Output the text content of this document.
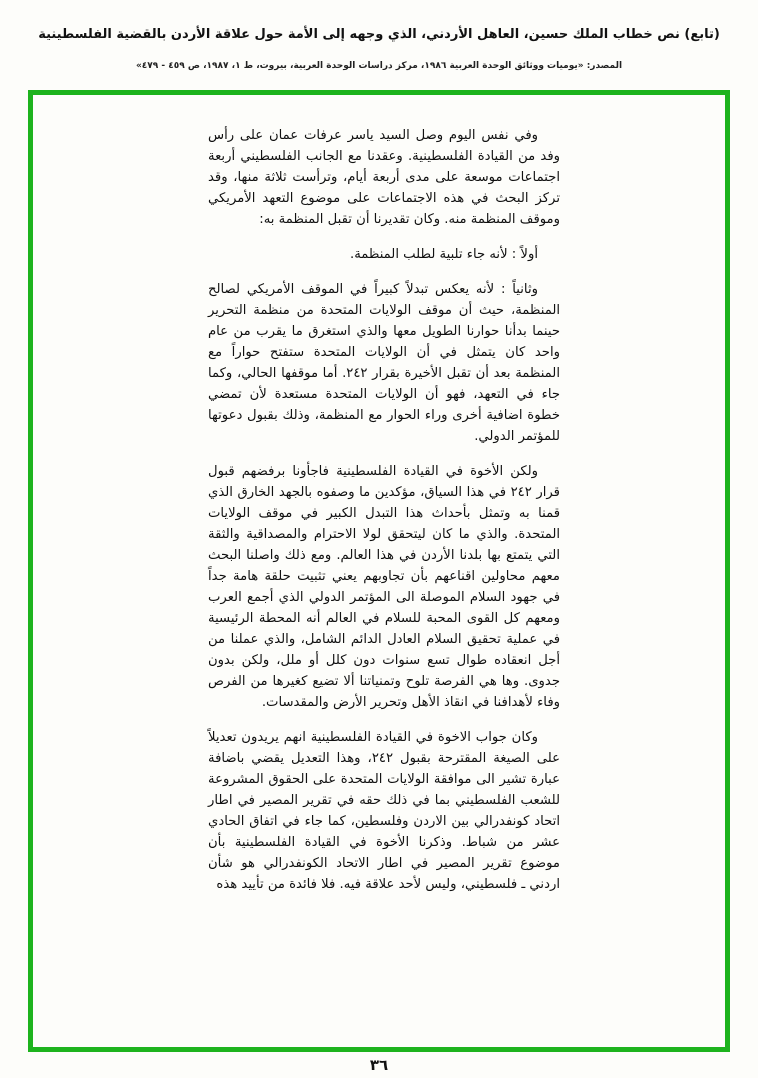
(تابع) نص خطاب الملك حسين، العاهل الأردني، الذي وجهه إلى الأمة حول علاقة الأردن بالقضية الفلسطينية
المصدر: «يوميات ووثائق الوحدة العربية ١٩٨٦، مركز دراسات الوحدة العربية، بيروت، ط ١، ١٩٨٧، ص ٤٥٩ - ٤٧٩»

وفي نفس اليوم وصل السيد ياسر عرفات عمان على رأس وفد من القيادة الفلسطينية. وعقدنا مع الجانب الفلسطيني أربعة اجتماعات موسعة على مدى أربعة أيام، وترأست ثلاثة منها، وقد تركز البحث في هذه الاجتماعات على موضوع التعهد الأمريكي وموقف المنظمة منه. وكان تقديرنا أن تقبل المنظمة به:

أولاً : لأنه جاء تلبية لطلب المنظمة.

وثانياً : لأنه يعكس تبدلاً كبيراً في الموقف الأمريكي لصالح المنظمة، حيث أن موقف الولايات المتحدة من منظمة التحرير حينما بدأنا حوارنا الطويل معها والذي استغرق ما يقرب من عام واحد كان يتمثل في أن الولايات المتحدة ستفتح حواراً مع المنظمة بعد أن تقبل الأخيرة بقرار ٢٤٢. أما موقفها الحالي، وكما جاء في التعهد، فهو أن الولايات المتحدة مستعدة لأن تمضي خطوة اضافية أخرى وراء الحوار مع المنظمة، وذلك بقبول دعوتها للمؤتمر الدولي.

ولكن الأخوة في القيادة الفلسطينية فاجأونا برفضهم قبول قرار ٢٤٢ في هذا السياق، مؤكدين ما وصفوه بالجهد الخارق الذي قمنا به وتمثل بأحداث هذا التبدل الكبير في موقف الولايات المتحدة. والذي ما كان ليتحقق لولا الاحترام والمصداقية والثقة التي يتمتع بها بلدنا الأردن في هذا العالم. ومع ذلك واصلنا البحث معهم محاولين اقناعهم بأن تجاوبهم يعني تثبيت حلقة هامة جداً في جهود السلام الموصلة الى المؤتمر الدولي الذي أجمع العرب ومعهم كل القوى المحبة للسلام في العالم أنه المحطة الرئيسية في عملية تحقيق السلام العادل الدائم الشامل، والذي عملنا من أجل انعقاده طوال تسع سنوات دون كلل أو ملل، ولكن بدون جدوى. وها هي الفرصة تلوح وتمنياتنا ألا تضيع كغيرها من الفرص وفاء لأهدافنا في انقاذ الأهل وتحرير الأرض والمقدسات.

وكان جواب الاخوة في القيادة الفلسطينية انهم يريدون تعديلاً على الصيغة المقترحة بقبول ٢٤٢، وهذا التعديل يقضي باضافة عبارة تشير الى موافقة الولايات المتحدة على الحقوق المشروعة للشعب الفلسطيني بما في ذلك حقه في تقرير المصير في اطار اتحاد كونفدرالي بين الاردن وفلسطين، كما جاء في اتفاق الحادي عشر من شباط. وذكرنا الأخوة في القيادة الفلسطينية بأن موضوع تقرير المصير في اطار الاتحاد الكونفدرالي هو شأن اردني ـ فلسطيني، وليس لأحد علاقة فيه. فلا فائدة من تأييد هذه

٣٦
